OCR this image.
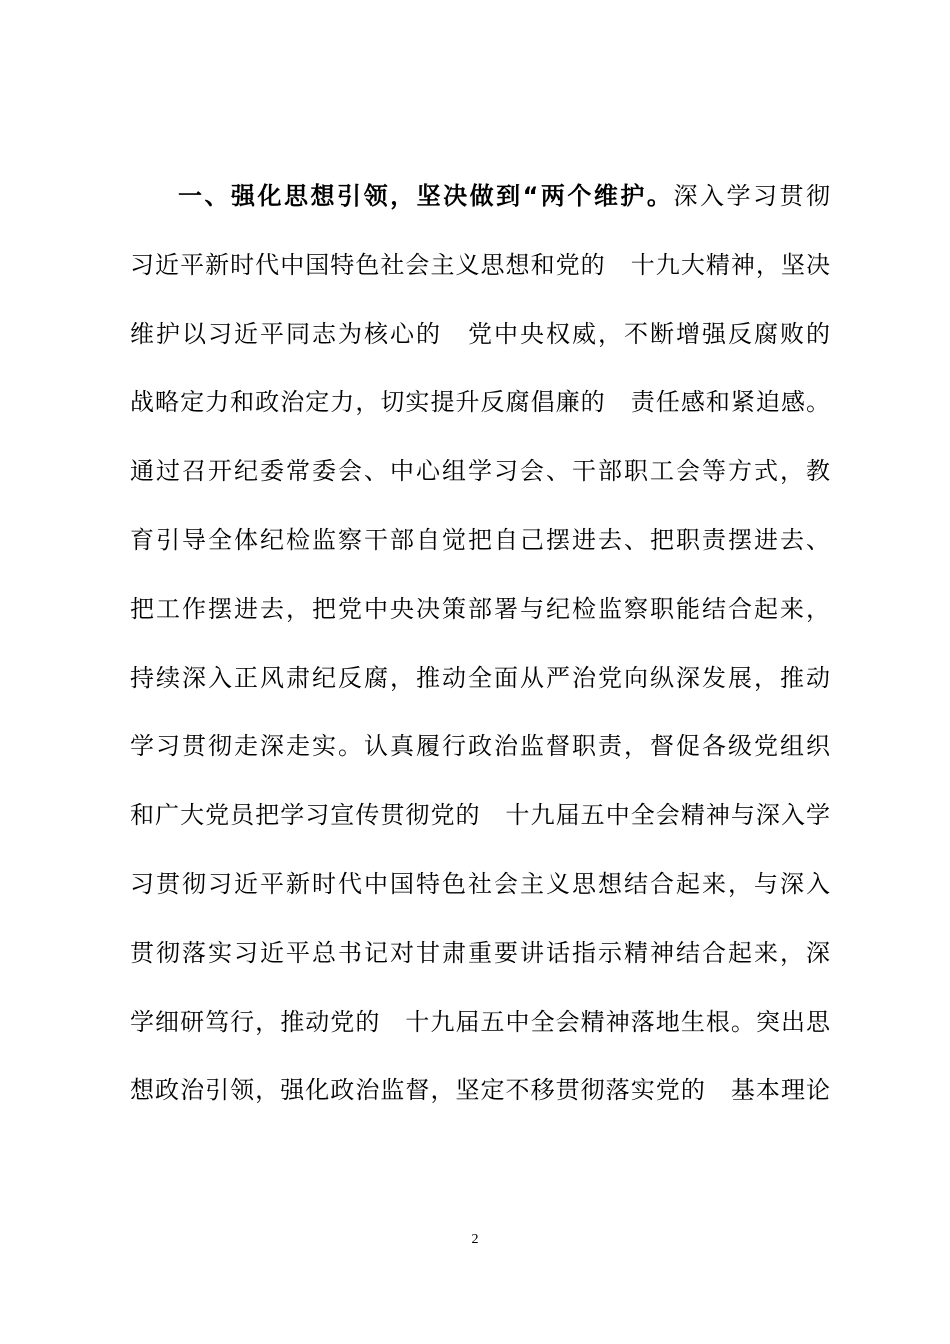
一、强化思想引领，坚决做到“两个维护。深入学习贯彻
习近平新时代中国特色社会主义思想和党的　十九大精神，坚决
维护以习近平同志为核心的　党中央权威，不断增强反腐败的
战略定力和政治定力，切实提升反腐倡廉的　责任感和紧迫感。
通过召开纪委常委会、中心组学习会、干部职工会等方式，教
育引导全体纪检监察干部自觉把自己摆进去、把职责摆进去、
把工作摆进去，把党中央决策部署与纪检监察职能结合起来，
持续深入正风肃纪反腐，推动全面从严治党向纵深发展，推动
学习贯彻走深走实。认真履行政治监督职责，督促各级党组织
和广大党员把学习宣传贯彻党的　十九届五中全会精神与深入学
习贯彻习近平新时代中国特色社会主义思想结合起来，与深入
贯彻落实习近平总书记对甘肃重要讲话指示精神结合起来，深
学细研笃行，推动党的　十九届五中全会精神落地生根。突出思
想政治引领，强化政治监督，坚定不移贯彻落实党的　基本理论
2
